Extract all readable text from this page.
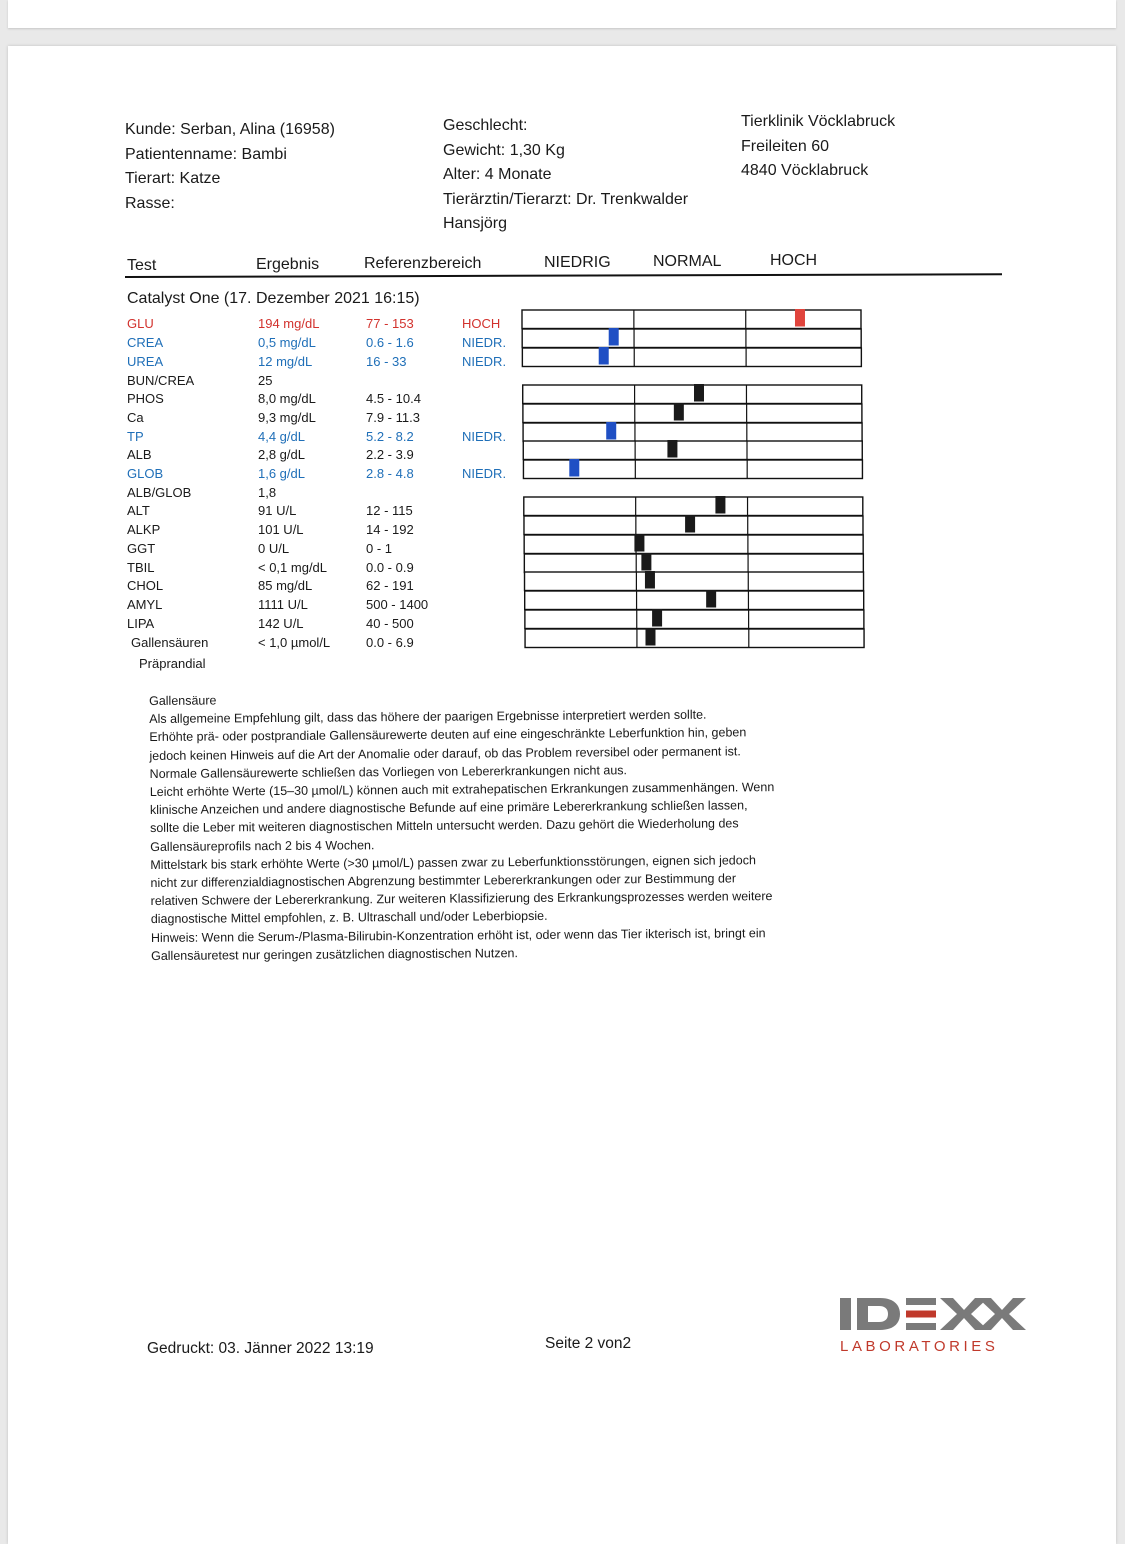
Kunde: Serban, Alina (16958)
Patientenname: Bambi
Tierart: Katze
Rasse:
Geschlecht:
Gewicht: 1,30 Kg
Alter: 4 Monate
Tierärztin/Tierarzt: Dr. Trenkwalder
Hansjörg
Tierklinik Vöcklabruck
Freileiten 60
4840 Vöcklabruck
Test	Ergebnis	Referenzbereich	NIEDRIG	NORMAL	HOCH
Catalyst One (17. Dezember 2021 16:15)
GLU	194 mg/dL	77 - 153	HOCH
CREA	0,5 mg/dL	0.6 - 1.6	NIEDR.
UREA	12 mg/dL	16 - 33	NIEDR.
BUN/CREA	25
PHOS	8,0 mg/dL	4.5 - 10.4
Ca	9,3 mg/dL	7.9 - 11.3
TP	4,4 g/dL	5.2 - 8.2	NIEDR.
ALB	2,8 g/dL	2.2 - 3.9
GLOB	1,6 g/dL	2.8 - 4.8	NIEDR.
ALB/GLOB	1,8
ALT	91 U/L	12 - 115
ALKP	101 U/L	14 - 192
GGT	0 U/L	0 - 1
TBIL	< 0,1 mg/dL	0.0 - 0.9
CHOL	85 mg/dL	62 - 191
AMYL	1111 U/L	500 - 1400
LIPA	142 U/L	40 - 500
Gallensäuren	< 1,0 µmol/L	0.0 - 6.9
Präprandial

Gallensäure

Als allgemeine Empfehlung gilt, dass das höhere der paarigen Ergebnisse interpretiert werden sollte.

Erhöhte prä- oder postprandiale Gallensäurewerte deuten auf eine eingeschränkte Leberfunktion hin, geben

jedoch keinen Hinweis auf die Art der Anomalie oder darauf, ob das Problem reversibel oder permanent ist.

Normale Gallensäurewerte schließen das Vorliegen von Lebererkrankungen nicht aus.

Leicht erhöhte Werte (15–30 µmol/L) können auch mit extrahepatischen Erkrankungen zusammenhängen. Wenn

klinische Anzeichen und andere diagnostische Befunde auf eine primäre Lebererkrankung schließen lassen,

sollte die Leber mit weiteren diagnostischen Mitteln untersucht werden. Dazu gehört die Wiederholung des

Gallensäureprofils nach 2 bis 4 Wochen.

Mittelstark bis stark erhöhte Werte (>30 µmol/L) passen zwar zu Leberfunktionsstörungen, eignen sich jedoch

nicht zur differenzialdiagnostischen Abgrenzung bestimmter Lebererkrankungen oder zur Bestimmung der

relativen Schwere der Lebererkrankung. Zur weiteren Klassifizierung des Erkrankungsprozesses werden weitere

diagnostische Mittel empfohlen, z. B. Ultraschall und/oder Leberbiopsie.

Hinweis: Wenn die Serum-/Plasma-Bilirubin-Konzentration erhöht ist, oder wenn das Tier ikterisch ist, bringt ein

Gallensäuretest nur geringen zusätzlichen diagnostischen Nutzen.

Gedruckt: 03. Jänner 2022 13:19	Seite 2 von2	LABORATORIES
